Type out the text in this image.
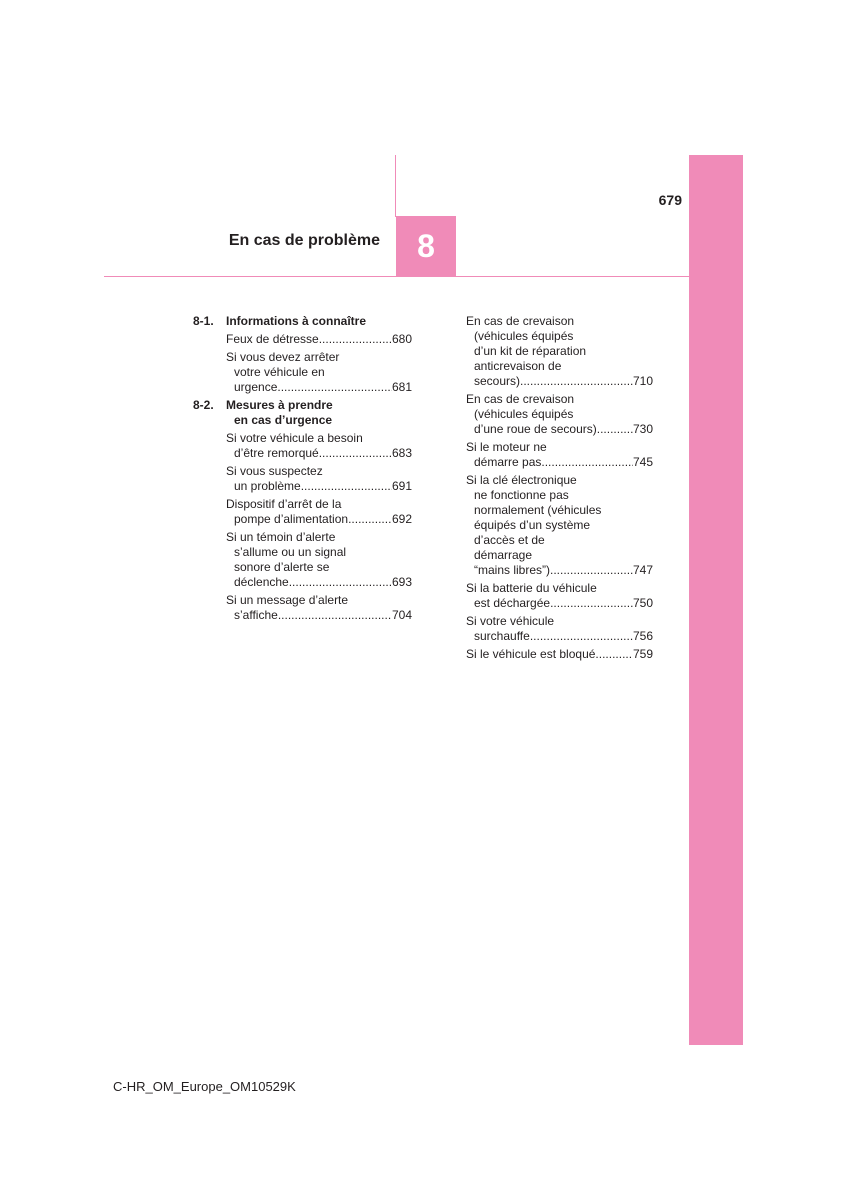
8
679
En cas de problème
8-1.	Informations à connaître
Feux de détresse .....	680
Si vous devez arrêter
votre véhicule en
urgence .....	681
8-2.	Mesures à prendre
en cas d’urgence
Si votre véhicule a besoin
d’être remorqué .....	683
Si vous suspectez
un problème .....	691
Dispositif d’arrêt de la
pompe d’alimentation .....	692
Si un témoin d’alerte
s’allume ou un signal
sonore d’alerte se
déclenche .....	693
Si un message d’alerte
s’affiche .....	704
En cas de crevaison
(véhicules équipés
d’un kit de réparation
anticrevaison de
secours) .....	710
En cas de crevaison
(véhicules équipés
d’une roue de secours) .....	730
Si le moteur ne
démarre pas .....	745
Si la clé électronique
ne fonctionne pas
normalement (véhicules
équipés d’un système
d’accès et de
démarrage
“mains libres”) .....	747
Si la batterie du véhicule
est déchargée .....	750
Si votre véhicule
surchauffe .....	756
Si le véhicule est bloqué .....	759
C-HR_OM_Europe_OM10529K
